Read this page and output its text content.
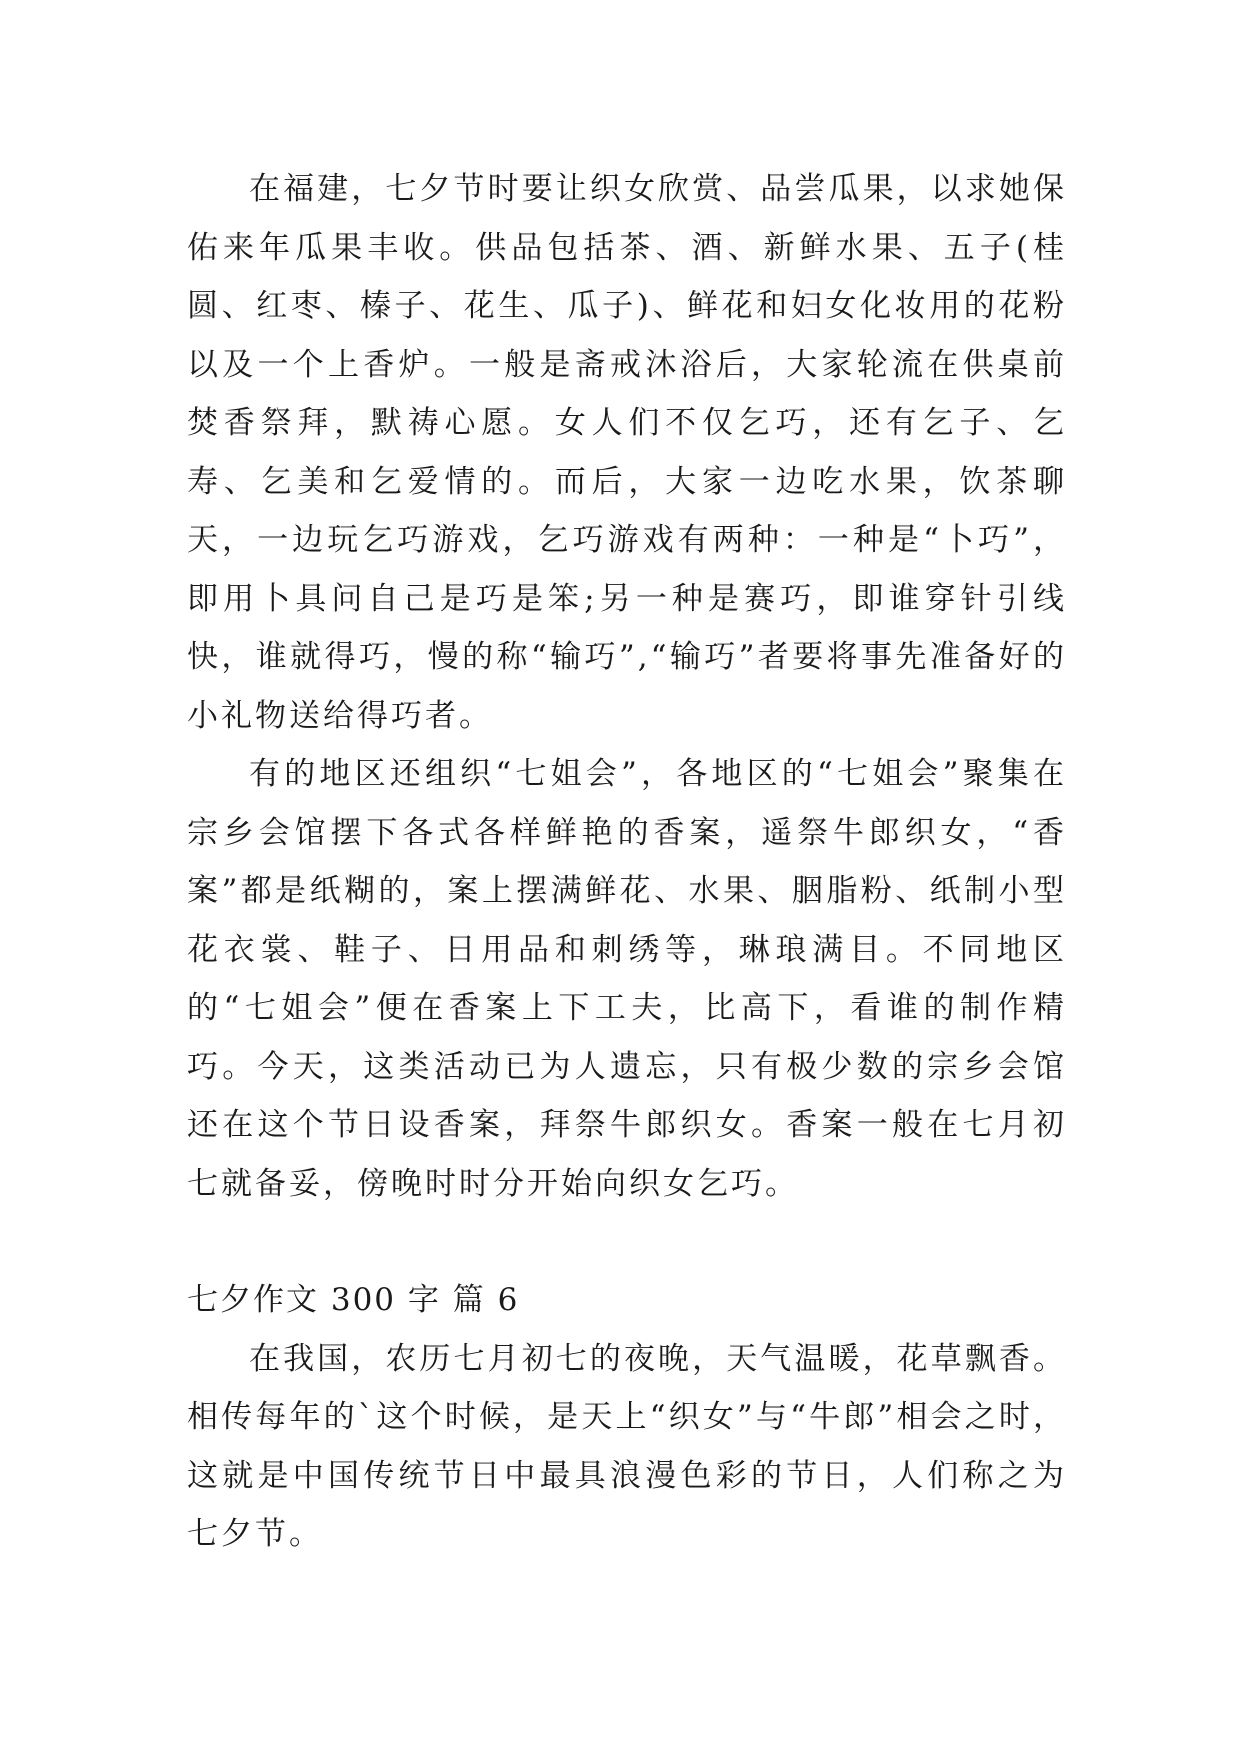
在福建，七夕节时要让织女欣赏、品尝瓜果，以求她保佑来年瓜果丰收。供品包括茶、酒、新鲜水果、五子(桂圆、红枣、榛子、花生、瓜子)、鲜花和妇女化妆用的花粉以及一个上香炉。一般是斋戒沐浴后，大家轮流在供桌前焚香祭拜，默祷心愿。女人们不仅乞巧，还有乞子、乞寿、乞美和乞爱情的。而后，大家一边吃水果，饮茶聊天，一边玩乞巧游戏，乞巧游戏有两种：一种是“卜巧”，即用卜具问自己是巧是笨;另一种是赛巧，即谁穿针引线快，谁就得巧，慢的称“输巧”,“输巧”者要将事先准备好的小礼物送给得巧者。

有的地区还组织“七姐会”，各地区的“七姐会”聚集在宗乡会馆摆下各式各样鲜艳的香案，遥祭牛郎织女，“香案”都是纸糊的，案上摆满鲜花、水果、胭脂粉、纸制小型花衣裳、鞋子、日用品和刺绣等，琳琅满目。不同地区的“七姐会”便在香案上下工夫，比高下，看谁的制作精巧。今天，这类活动已为人遗忘，只有极少数的宗乡会馆还在这个节日设香案，拜祭牛郎织女。香案一般在七月初七就备妥，傍晚时时分开始向织女乞巧。

七夕作文 300 字 篇 6

在我国，农历七月初七的夜晚，天气温暖，花草飘香。相传每年的`这个时候，是天上“织女”与“牛郎”相会之时，这就是中国传统节日中最具浪漫色彩的节日，人们称之为七夕节。
